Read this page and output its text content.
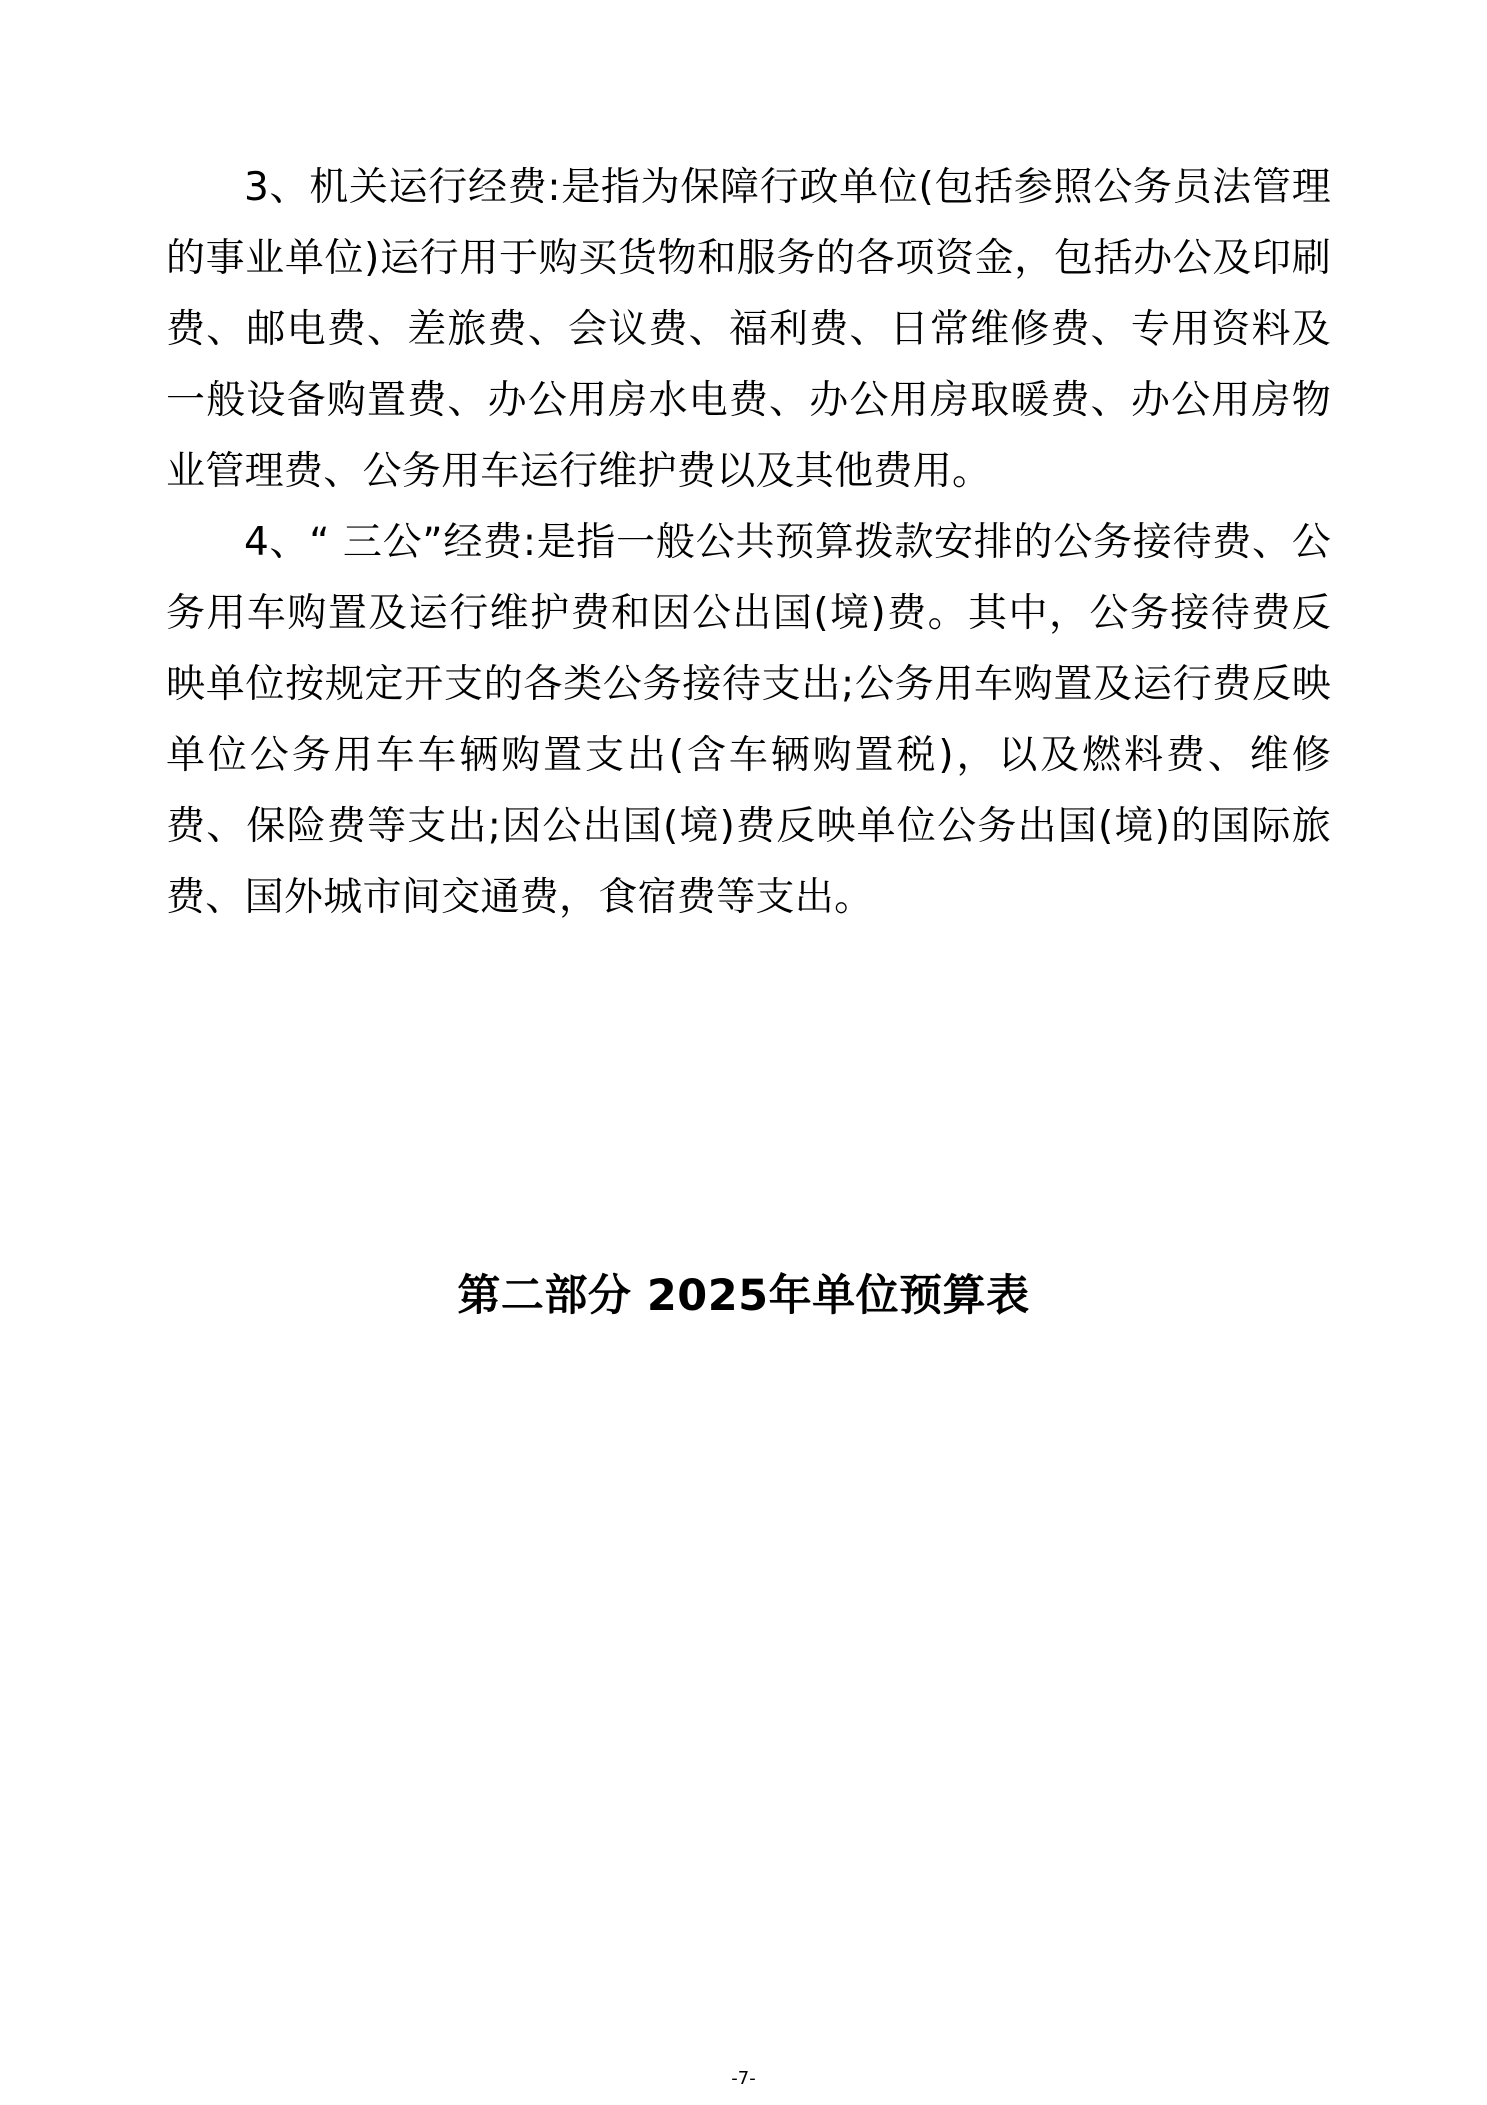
3、机关运行经费:是指为保障行政单位(包括参照公务员法管理的事业单位)运行用于购买货物和服务的各项资金，包括办公及印刷费、邮电费、差旅费、会议费、福利费、日常维修费、专用资料及一般设备购置费、办公用房水电费、办公用房取暖费、办公用房物业管理费、公务用车运行维护费以及其他费用。

4、“ 三公”经费:是指一般公共预算拨款安排的公务接待费、公务用车购置及运行维护费和因公出国(境)费。其中，公务接待费反映单位按规定开支的各类公务接待支出;公务用车购置及运行费反映单位公务用车车辆购置支出(含车辆购置税)，以及燃料费、维修费、保险费等支出;因公出国(境)费反映单位公务出国(境)的国际旅费、国外城市间交通费，食宿费等支出。

第二部分 2025年单位预算表
-7-
